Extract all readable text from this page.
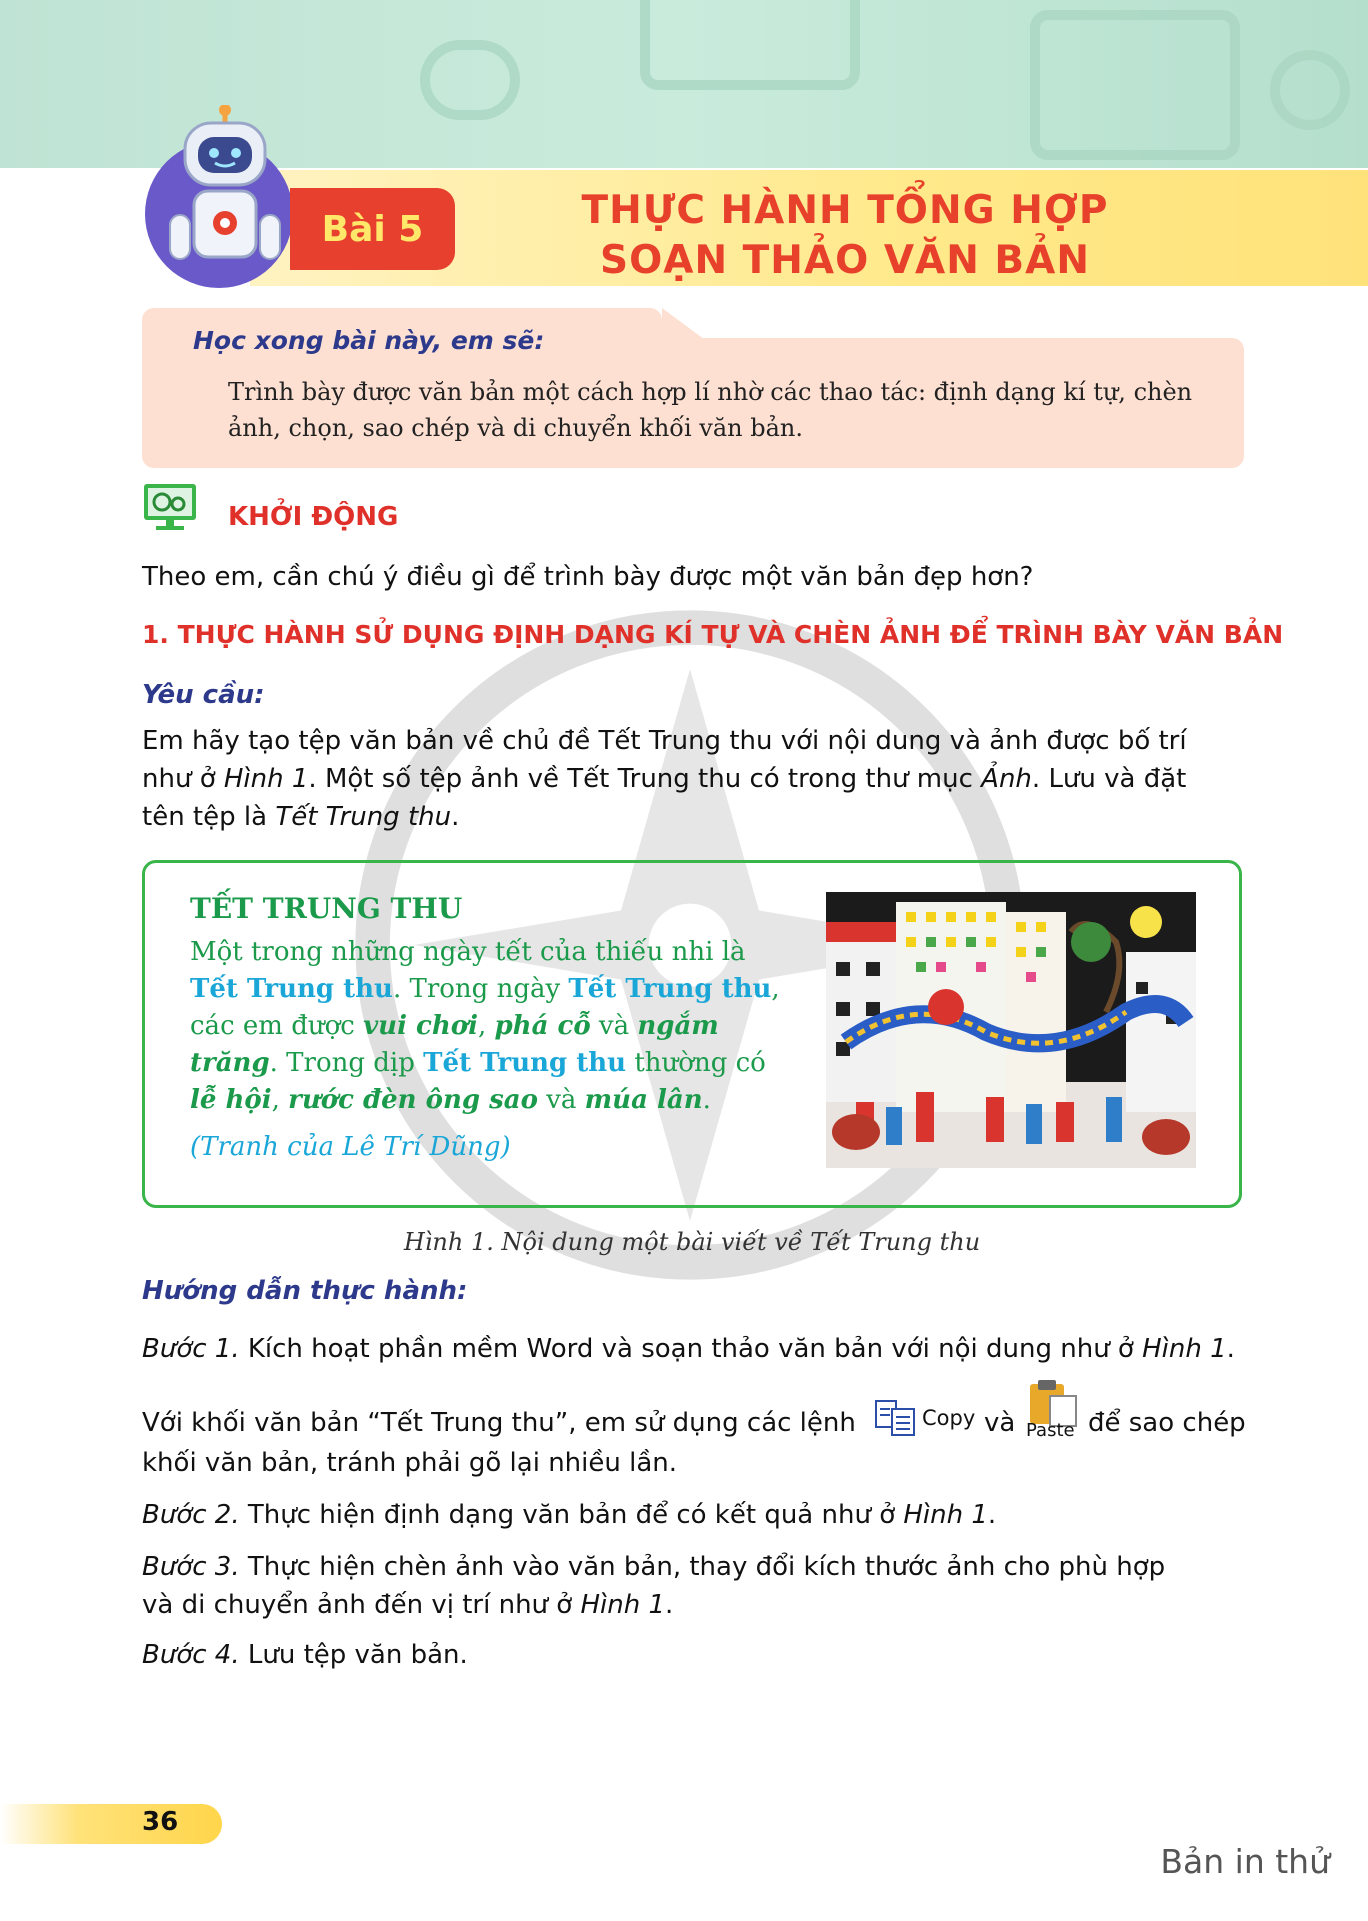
Bài 5	THỰC HÀNH TỔNG HỢP
SOẠN THẢO VĂN BẢN
Học xong bài này, em sẽ:
Trình bày được văn bản một cách hợp lí nhờ các thao tác: định dạng kí tự, chèn ảnh, chọn, sao chép và di chuyển khối văn bản.
KHỞI ĐỘNG
Theo em, cần chú ý điều gì để trình bày được một văn bản đẹp hơn?
1. THỰC HÀNH SỬ DỤNG ĐỊNH DẠNG KÍ TỰ VÀ CHÈN ẢNH ĐỂ TRÌNH BÀY VĂN BẢN
Yêu cầu:
Em hãy tạo tệp văn bản về chủ đề Tết Trung thu với nội dung và ảnh được bố trí
như ở Hình 1. Một số tệp ảnh về Tết Trung thu có trong thư mục Ảnh. Lưu và đặt
tên tệp là Tết Trung thu.
TẾT TRUNG THU
Một trong những ngày tết của thiếu nhi là Tết Trung thu. Trong ngày Tết Trung thu, các em được vui chơi, phá cỗ và ngắm trăng. Trong dịp Tết Trung thu thường có lễ hội, rước đèn ông sao và múa lân.
(Tranh của Lê Trí Dũng)
Hình 1. Nội dung một bài viết về Tết Trung thu
Hướng dẫn thực hành:
Bước 1. Kích hoạt phần mềm Word và soạn thảo văn bản với nội dung như ở Hình 1.
Với khối văn bản “Tết Trung thu”, em sử dụng các lệnh	Copy và Paste để sao chép
khối văn bản, tránh phải gõ lại nhiều lần.
Bước 2. Thực hiện định dạng văn bản để có kết quả như ở Hình 1.
Bước 3. Thực hiện chèn ảnh vào văn bản, thay đổi kích thước ảnh cho phù hợp
và di chuyển ảnh đến vị trí như ở Hình 1.
Bước 4. Lưu tệp văn bản.
36
Bản in thử
